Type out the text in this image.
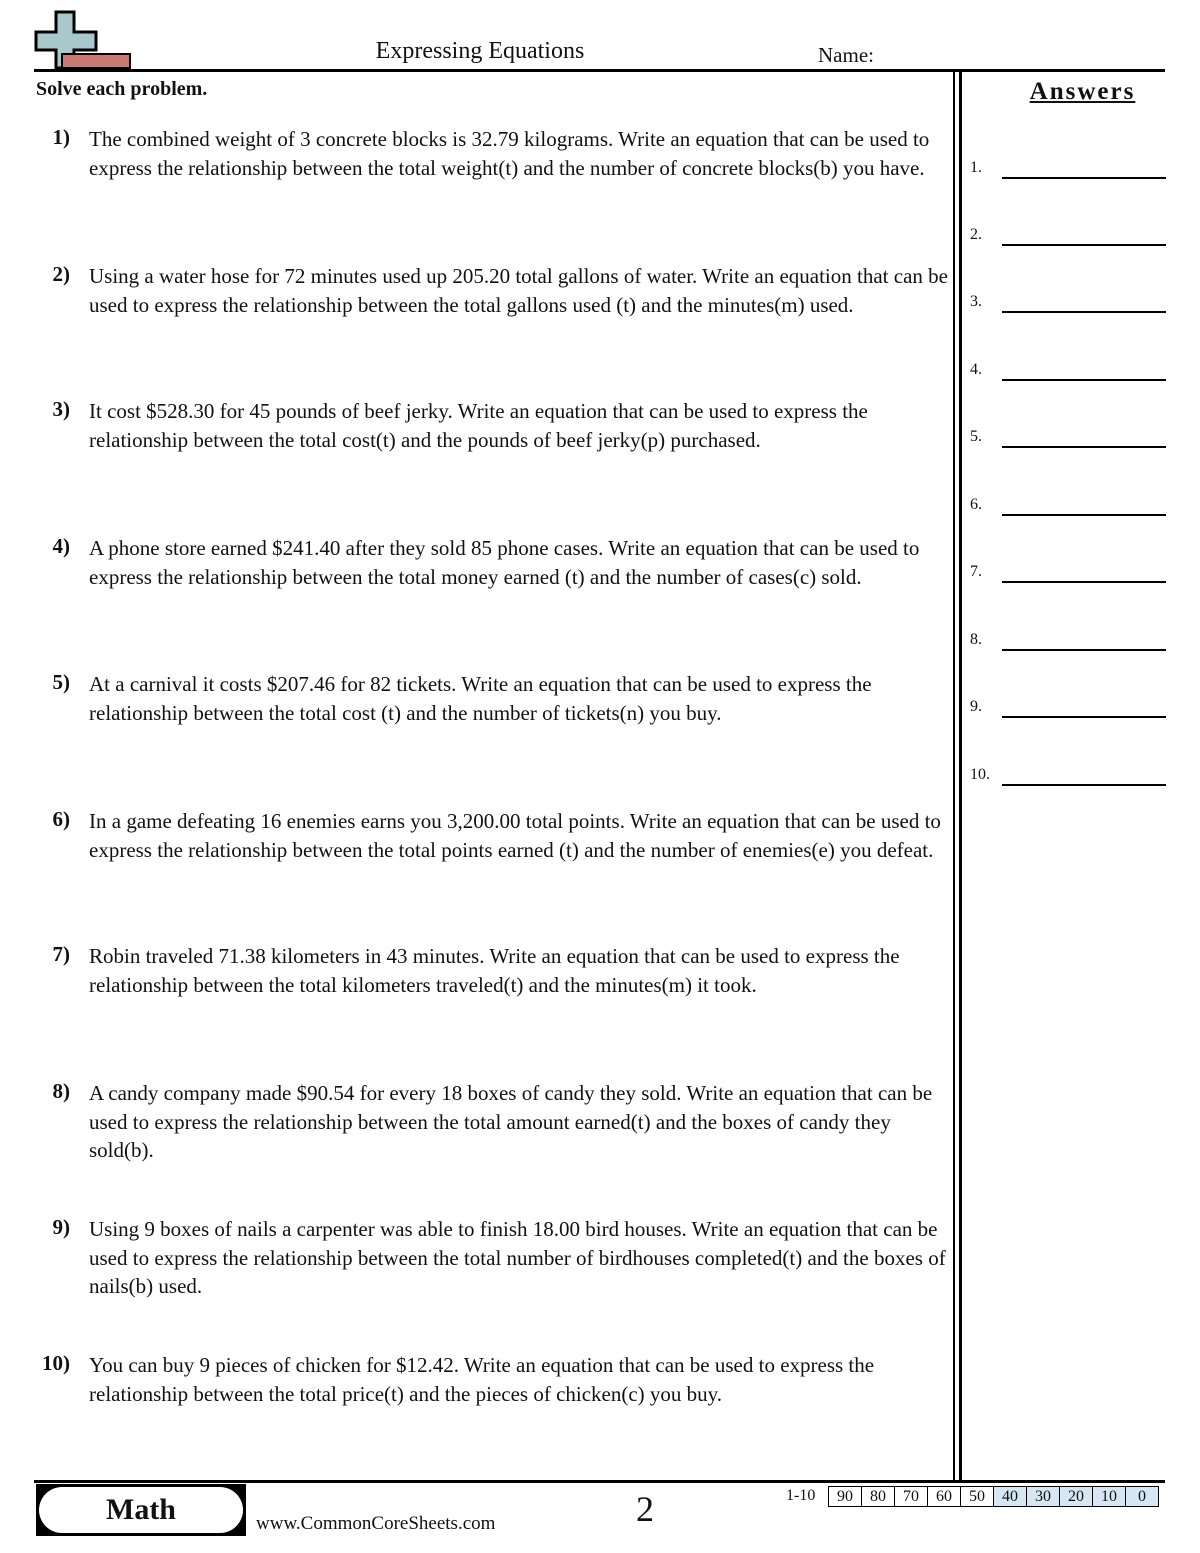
Expressing Equations	Name:
Solve each problem.
1) The combined weight of 3 concrete blocks is 32.79 kilograms. Write an equation that can be used to express the relationship between the total weight(t) and the number of concrete blocks(b) you have.
2) Using a water hose for 72 minutes used up 205.20 total gallons of water. Write an equation that can be used to express the relationship between the total gallons used (t) and the minutes(m) used.
3) It cost $528.30 for 45 pounds of beef jerky. Write an equation that can be used to express the relationship between the total cost(t) and the pounds of beef jerky(p) purchased.
4) A phone store earned $241.40 after they sold 85 phone cases. Write an equation that can be used to express the relationship between the total money earned (t) and the number of cases(c) sold.
5) At a carnival it costs $207.46 for 82 tickets. Write an equation that can be used to express the relationship between the total cost (t) and the number of tickets(n) you buy.
6) In a game defeating 16 enemies earns you 3,200.00 total points. Write an equation that can be used to express the relationship between the total points earned (t) and the number of enemies(e) you defeat.
7) Robin traveled 71.38 kilometers in 43 minutes. Write an equation that can be used to express the relationship between the total kilometers traveled(t) and the minutes(m) it took.
8) A candy company made $90.54 for every 18 boxes of candy they sold. Write an equation that can be used to express the relationship between the total amount earned(t) and the boxes of candy they sold(b).
9) Using 9 boxes of nails a carpenter was able to finish 18.00 bird houses. Write an equation that can be used to express the relationship between the total number of birdhouses completed(t) and the boxes of nails(b) used.
10) You can buy 9 pieces of chicken for $12.42. Write an equation that can be used to express the relationship between the total price(t) and the pieces of chicken(c) you buy.
Answers
1.
2.
3.
4.
5.
6.
7.
8.
9.
10.
Math	www.CommonCoreSheets.com	2	1-10	90	80	70	60	50	40	30	20	10	0
